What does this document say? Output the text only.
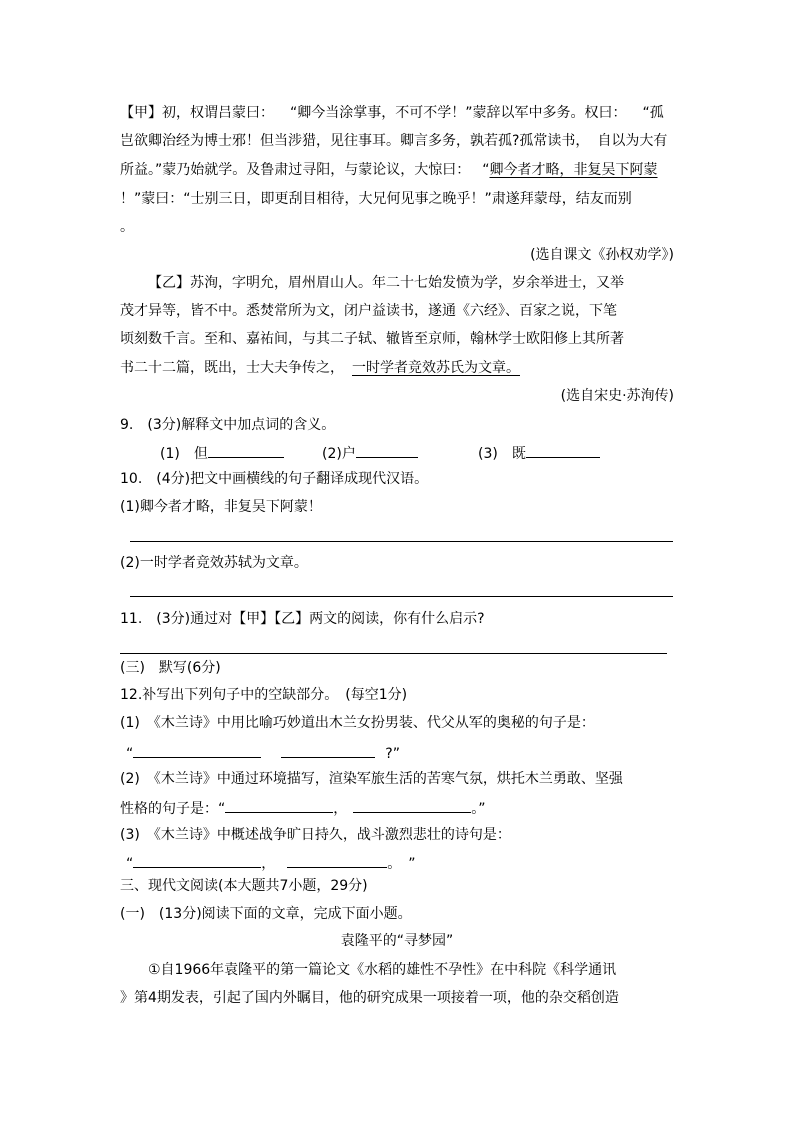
【甲】初，权谓吕蒙曰： “卿今当涂掌事，不可不学！”蒙辞以军中多务。权曰： “孤
岂欲卿治经为博士邪！但当涉猎，见往事耳。卿言多务，孰若孤?孤常读书， 自以为大有
所益。”蒙乃始就学。及鲁肃过寻阳，与蒙论议，大惊曰： “卿今者才略，非复吴下阿蒙
！”蒙曰：“士别三日，即更刮目相待，大兄何见事之晚乎！”肃遂拜蒙母，结友而别
。
(选自课文《孙权劝学》)
【乙】苏洵，字明允，眉州眉山人。年二十七始发愤为学，岁余举进士，又举
茂才异等，皆不中。悉焚常所为文，闭户益读书，遂通《六经》、百家之说，下笔
顷刻数千言。至和、嘉祐间，与其二子轼、辙皆至京师，翰林学士欧阳修上其所著
书二十二篇，既出，士大夫争传之， 一时学者竞效苏氏为文章。
(选自宋史·苏洵传)
9.　(3分)解释文中加点词的含义。
(1)　但	(2)户	(3)　既
10.　(4分)把文中画横线的句子翻译成现代汉语。
(1)卿今者才略，非复吴下阿蒙！
(2)一时学者竞效苏轼为文章。
11.　(3分)通过对【甲】【乙】两文的阅读，你有什么启示?
(三)　默写(6分)
12.补写出下列句子中的空缺部分。　(每空1分)
(1)　《木兰诗》中用比喻巧妙道出木兰女扮男装、代父从军的奥秘的句子是：
“	?”
(2)　《木兰诗》中通过环境描写，渲染军旅生活的苦寒气氛，烘托木兰勇敢、坚强
性格的句子是：“	，	。”
(3)　《木兰诗》中概述战争旷日持久，战斗激烈悲壮的诗句是：
“	，	。　”
三、现代文阅读(本大题共7小题，29分)
(一)　(13分)阅读下面的文章，完成下面小题。
袁隆平的“寻梦园”
①自1966年袁隆平的第一篇论文《水稻的雄性不孕性》在中科院《科学通讯
》第4期发表，引起了国内外瞩目，他的研究成果一项接着一项，他的杂交稻创造
